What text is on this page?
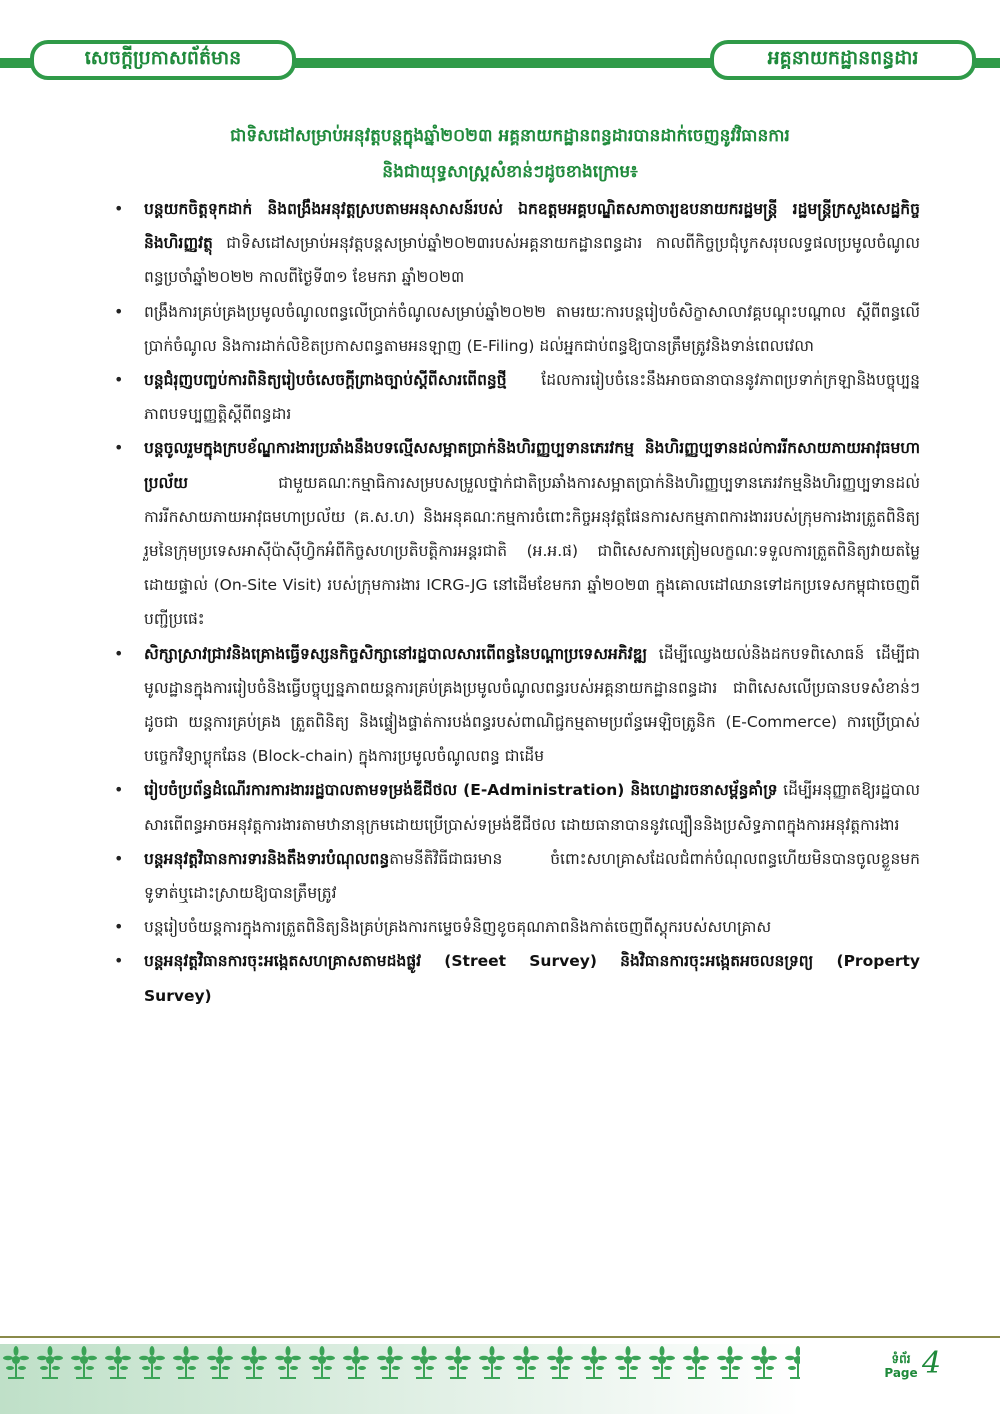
សេចក្តីប្រកាសព័ត៌មាន	អគ្គនាយកដ្ឋានពន្ធដារ
ជាទិសដៅសម្រាប់អនុវត្តបន្តក្នុងឆ្នាំ២០២៣ អគ្គនាយកដ្ឋានពន្ធដារបានដាក់ចេញនូវវិធានការ
និងជាយុទ្ធសាស្ត្រសំខាន់ៗដូចខាងក្រោម៖
• បន្តយកចិត្តទុកដាក់ និងពង្រឹងអនុវត្តស្របតាមអនុសាសន៍របស់ ឯកឧត្តមអគ្គបណ្ឌិតសភាចារ្យឧបនាយករដ្ឋមន្ត្រី រដ្ឋមន្ត្រីក្រសួងសេដ្ឋកិច្ចនិងហិរញ្ញវត្ថុ ជាទិសដៅសម្រាប់អនុវត្តបន្តសម្រាប់ឆ្នាំ២០២៣របស់អគ្គនាយកដ្ឋានពន្ធដារ កាលពីកិច្ចប្រជុំបូកសរុបលទ្ធផលប្រមូលចំណូលពន្ធប្រចាំឆ្នាំ២០២២ កាលពីថ្ងៃទី៣១ ខែមករា ឆ្នាំ២០២៣
• ពង្រឹងការគ្រប់គ្រងប្រមូលចំណូលពន្ធលើប្រាក់ចំណូលសម្រាប់ឆ្នាំ២០២២ តាមរយៈការបន្តរៀបចំសិក្ខាសាលាវគ្គបណ្តុះបណ្តាល ស្តីពីពន្ធលើប្រាក់ចំណូល និងការដាក់លិខិតប្រកាសពន្ធតាមអនឡាញ (E-Filing) ដល់អ្នកជាប់ពន្ធឱ្យបានត្រឹមត្រូវនិងទាន់ពេលវេលា
• បន្តជំរុញបញ្ចប់ការពិនិត្យរៀបចំសេចក្តីព្រាងច្បាប់ស្តីពីសារពើពន្ធថ្មី ដែលការរៀបចំនេះនឹងអាចធានាបាននូវភាពប្រទាក់ក្រឡានិងបច្ចុប្បន្នភាពបទប្បញ្ញត្តិស្តីពីពន្ធដារ
• បន្តចូលរួមក្នុងក្របខ័ណ្ឌការងារប្រឆាំងនឹងបទល្មើសសម្អាតប្រាក់និងហិរញ្ញប្បទានភេរវកម្ម និងហិរញ្ញប្បទានដល់ការរីកសាយភាយអាវុធមហាប្រល័យ ជាមួយគណៈកម្មាធិការសម្របសម្រួលថ្នាក់ជាតិប្រឆាំងការសម្អាតប្រាក់និងហិរញ្ញប្បទានភេរវកម្មនិងហិរញ្ញប្បទានដល់ការរីកសាយភាយអាវុធមហាប្រល័យ (គ.ស.ហ) និងអនុគណៈកម្មការចំពោះកិច្ចអនុវត្តផែនការសកម្មភាពការងាររបស់ក្រុមការងារត្រួតពិនិត្យរួមនៃក្រុមប្រទេសអាស៊ីប៉ាស៊ីហ្វិកអំពីកិច្ចសហប្រតិបត្តិការអន្តរជាតិ (អ.អ.ផ) ជាពិសេសការត្រៀមលក្ខណៈទទួលការត្រួតពិនិត្យវាយតម្លៃដោយផ្ទាល់ (On-Site Visit) របស់ក្រុមការងារ ICRG-JG នៅដើមខែមករា ឆ្នាំ២០២៣ ក្នុងគោលដៅឈានទៅដកប្រទេសកម្ពុជាចេញពីបញ្ជីប្រផេះ
• សិក្សាស្រាវជ្រាវនិងគ្រោងធ្វើទស្សនកិច្ចសិក្សានៅរដ្ឋបាលសារពើពន្ធនៃបណ្តាប្រទេសអភិវឌ្ឍ ដើម្បីឈ្វេងយល់និងដកបទពិសោធន៍ ដើម្បីជាមូលដ្ឋានក្នុងការរៀបចំនិងធ្វើបច្ចុប្បន្នភាពយន្តការគ្រប់គ្រងប្រមូលចំណូលពន្ធរបស់អគ្គនាយកដ្ឋានពន្ធដារ ជាពិសេសលើប្រធានបទសំខាន់ៗ ដូចជា យន្តការគ្រប់គ្រង ត្រួតពិនិត្យ និងផ្ទៀងផ្ទាត់ការបង់ពន្ធរបស់ពាណិជ្ជកម្មតាមប្រព័ន្ធអេឡិចត្រូនិក (E-Commerce) ការប្រើប្រាស់បច្ចេកវិទ្យាប្លុកឆែន (Block-chain) ក្នុងការប្រមូលចំណូលពន្ធ ជាដើម
• រៀបចំប្រព័ន្ធដំណើរការការងាររដ្ឋបាលតាមទម្រង់ឌីជីថល (E-Administration) និងហេដ្ឋារចនាសម្ព័ន្ធគាំទ្រ ដើម្បីអនុញ្ញាតឱ្យរដ្ឋបាលសារពើពន្ធអាចអនុវត្តការងារតាមឋានានុក្រមដោយប្រើប្រាស់ទម្រង់ឌីជីថល ដោយធានាបាននូវល្បឿននិងប្រសិទ្ធភាពក្នុងការអនុវត្តការងារ
• បន្តអនុវត្តវិធានការទារនិងតឹងទារបំណុលពន្ធតាមនីតិវិធីជាធរមាន ចំពោះសហគ្រាសដែលជំពាក់បំណុលពន្ធហើយមិនបានចូលខ្លួនមកទូទាត់ឬដោះស្រាយឱ្យបានត្រឹមត្រូវ
• បន្តរៀបចំយន្តការក្នុងការត្រួតពិនិត្យនិងគ្រប់គ្រងការកម្ទេចទំនិញខូចគុណភាពនិងកាត់ចេញពីស្តុករបស់សហគ្រាស
• បន្តអនុវត្តវិធានការចុះអង្កេតសហគ្រាសតាមដងផ្លូវ (Street Survey) និងវិធានការចុះអង្កេតអចលនទ្រព្យ (Property Survey)
ទំព័រ
Page 4
